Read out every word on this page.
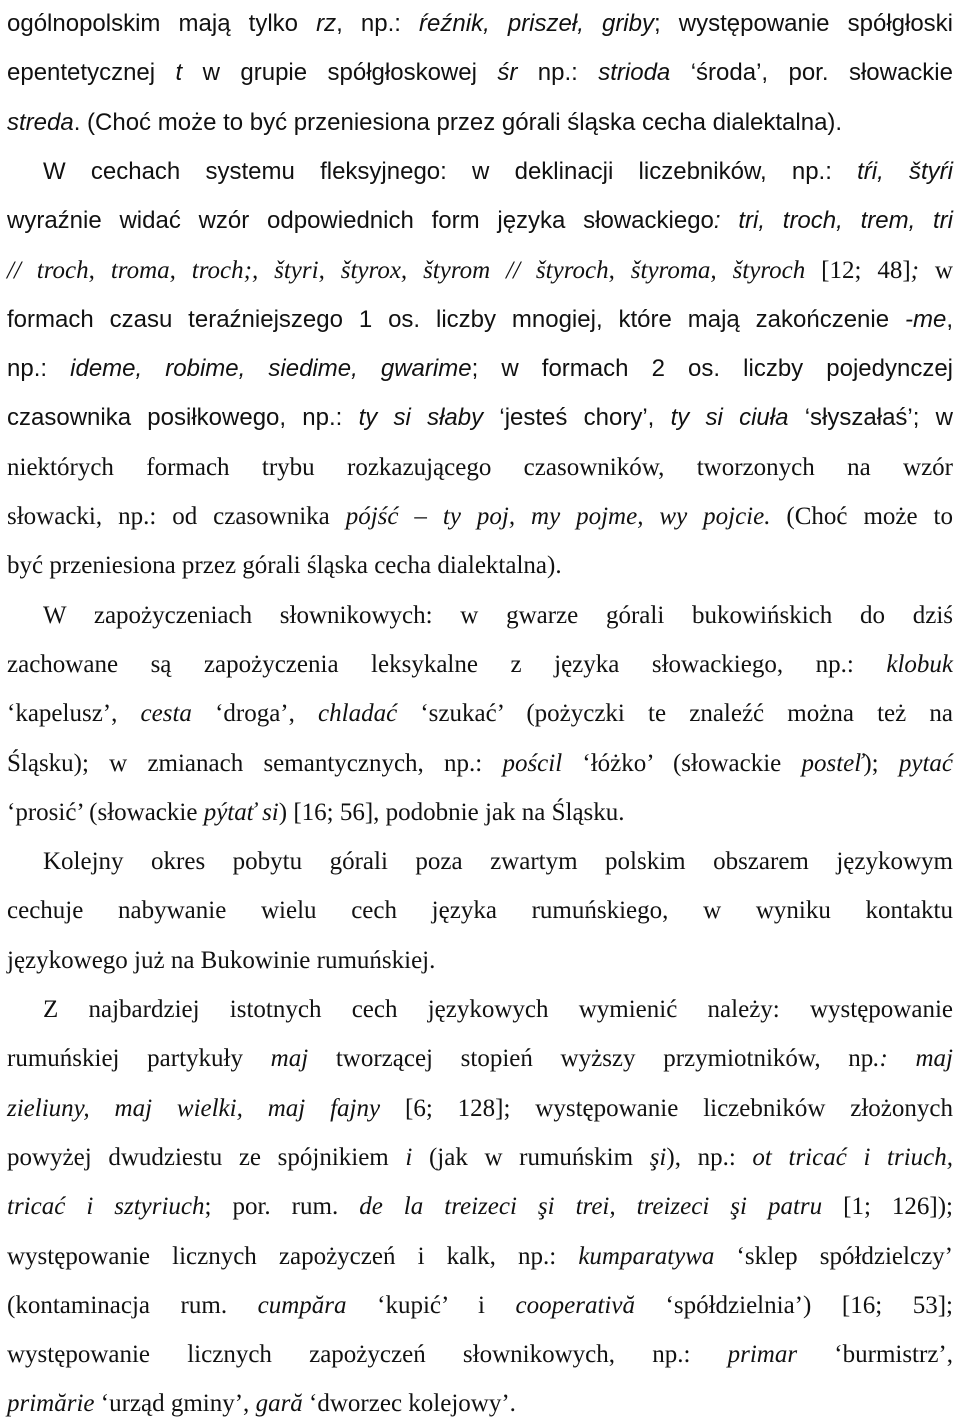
ogólnopolskim mają tylko rz, np.: ŕeźnik, priszeł, griby; występowanie spółgłoski
epentetycznej t w grupie spółgłoskowej śr np.: strioda ‘środa’, por. słowackie
streda. (Choć może to być przeniesiona przez górali śląska cecha dialektalna).
W cechach systemu fleksyjnego: w deklinacji liczebników, np.: tŕi, štyŕi
wyraźnie widać wzór odpowiednich form języka słowackiego: tri, troch, trem, tri
// troch, troma, troch;, štyri, štyrox, štyrom // štyroch, štyroma, štyroch [12; 48]; w
formach czasu teraźniejszego 1 os. liczby mnogiej, które mają zakończenie -me,
np.: ideme, robime, siedime, gwarime; w formach 2 os. liczby pojedynczej
czasownika posiłkowego, np.: ty si słaby ‘jesteś chory’, ty si ciuła ‘słyszałaś’; w
niektórych formach trybu rozkazującego czasowników, tworzonych na wzór
słowacki, np.: od czasownika pójść – ty poj, my pojme, wy pojcie. (Choć może to
być przeniesiona przez górali śląska cecha dialektalna).
W zapożyczeniach słownikowych: w gwarze górali bukowińskich do dziś
zachowane są zapożyczenia leksykalne z języka słowackiego, np.: klobuk
‘kapelusz’, cesta ‘droga’, chladać ‘szukać’ (pożyczki te znaleźć można też na
Śląsku); w zmianach semantycznych, np.: pościl ‘łóżko’ (słowackie posteľ); pytać
‘prosić’ (słowackie pýtať si) [16; 56], podobnie jak na Śląsku.
Kolejny okres pobytu górali poza zwartym polskim obszarem językowym
cechuje nabywanie wielu cech języka rumuńskiego, w wyniku kontaktu
językowego już na Bukowinie rumuńskiej.
Z najbardziej istotnych cech językowych wymienić należy: występowanie
rumuńskiej partykuły maj tworzącej stopień wyższy przymiotników, np.: maj
zieliuny, maj wielki, maj fajny [6; 128]; występowanie liczebników złożonych
powyżej dwudziestu ze spójnikiem i (jak w rumuńskim şi), np.: ot tricać i triuch,
tricać i sztyriuch; por. rum. de la treizeci şi trei, treizeci şi patru [1; 126]);
występowanie licznych zapożyczeń i kalk, np.: kumparatywa ‘sklep spółdzielczy’
(kontaminacja rum. cumpăra ‘kupić’ i cooperativă ‘spółdzielnia’) [16; 53];
występowanie licznych zapożyczeń słownikowych, np.: primar ‘burmistrz’,
primărie ‘urząd gminy’, gară ‘dworzec kolejowy’.
